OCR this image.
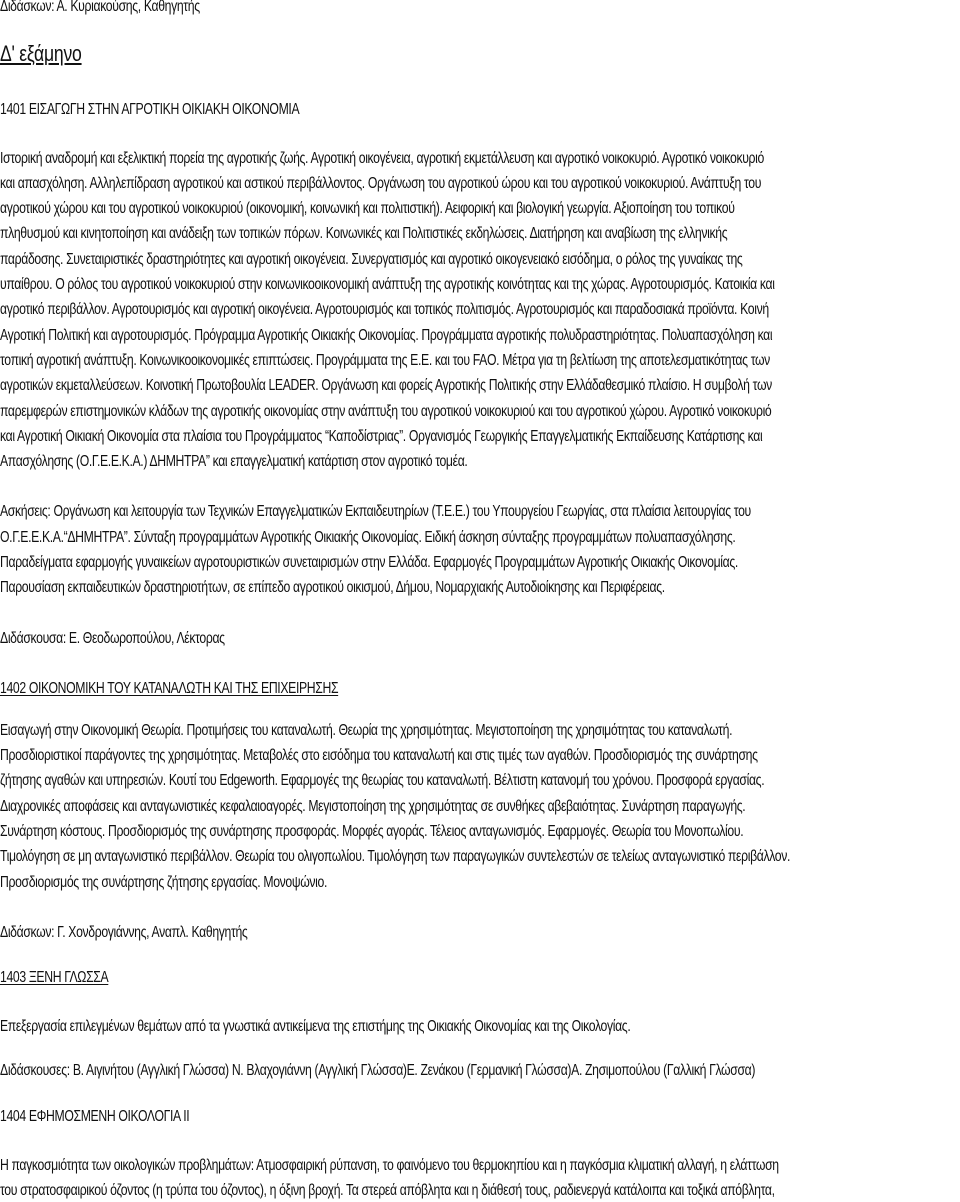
Διδάσκων: Α. Κυριακούσης, Καθηγητής
Δ' εξάμηνο
1401 ΕΙΣΑΓΩΓΗ ΣΤΗΝ ΑΓΡΟΤΙΚΗ ΟΙΚΙΑΚΗ ΟΙΚΟΝΟΜΙΑ
Ιστορική αναδρομή και εξελικτική πορεία της αγροτικής ζωής. Αγροτική οικογένεια, αγροτική εκμετάλλευση και αγροτικό νοικοκυριό. Αγροτικό νοικοκυριό
και απασχόληση. Αλληλεπίδραση αγροτικού και αστικού περιβάλλοντος. Οργάνωση του αγροτικού ώρου και του αγροτικού νοικοκυριού. Ανάπτυξη του
αγροτικού χώρου και του αγροτικού νοικοκυριού (οικονομική, κοινωνική και πολιτιστική). Αειφορική και βιολογική γεωργία. Αξιοποίηση του τοπικού
πληθυσμού και κινητοποίηση και ανάδειξη των τοπικών πόρων. Κοινωνικές και Πολιτιστικές εκδηλώσεις. Διατήρηση και αναβίωση της ελληνικής
παράδοσης. Συνεταιριστικές δραστηριότητες και αγροτική οικογένεια. Συνεργατισμός και αγροτικό οικογενειακό εισόδημα, ο ρόλος της γυναίκας της
υπαίθρου. Ο ρόλος του αγροτικού νοικοκυριού στην κοινωνικοοικονομική ανάπτυξη της αγροτικής κοινότητας και της χώρας. Αγροτουρισμός. Κατοικία και
αγροτικό περιβάλλον. Αγροτουρισμός και αγροτική οικογένεια. Αγροτουρισμός και τοπικός πολιτισμός. Αγροτουρισμός και παραδοσιακά προϊόντα. Κοινή
Αγροτική Πολιτική και αγροτουρισμός. Πρόγραμμα Αγροτικής Οικιακής Οικονομίας. Προγράμματα αγροτικής πολυδραστηριότητας. Πολυαπασχόληση και
τοπική αγροτική ανάπτυξη. Κοινωνικοοικονομικές επιπτώσεις. Προγράμματα της Ε.Ε. και του FAO. Μέτρα για τη βελτίωση της αποτελεσματικότητας των
αγροτικών εκμεταλλεύσεων. Κοινοτική Πρωτοβουλία LEADER. Οργάνωση και φορείς Αγροτικής Πολιτικής στην Ελλάδαθεσμικό πλαίσιο. Η συμβολή των
παρεμφερών επιστημονικών κλάδων της αγροτικής οικονομίας στην ανάπτυξη του αγροτικού νοικοκυριού και του αγροτικού χώρου. Αγροτικό νοικοκυριό
και Αγροτική Οικιακή Οικονομία στα πλαίσια του Προγράμματος “Καποδίστριας”. Οργανισμός Γεωργικής Επαγγελματικής Εκπαίδευσης Κατάρτισης και
Απασχόλησης (Ο.Γ.Ε.Ε.Κ.Α.) ΔΗΜΗΤΡΑ” και επαγγελματική κατάρτιση στον αγροτικό τομέα.
Ασκήσεις: Οργάνωση και λειτουργία των Τεχνικών Επαγγελματικών Εκπαιδευτηρίων (Τ.Ε.Ε.) του Υπουργείου Γεωργίας, στα πλαίσια λειτουργίας του
Ο.Γ.Ε.Ε.Κ.Α.“ΔΗΜΗΤΡΑ”. Σύνταξη προγραμμάτων Αγροτικής Οικιακής Οικονομίας. Ειδική άσκηση σύνταξης προγραμμάτων πολυαπασχόλησης.
Παραδείγματα εφαρμογής γυναικείων αγροτουριστικών συνεταιρισμών στην Ελλάδα. Εφαρμογές Προγραμμάτων Αγροτικής Οικιακής Οικονομίας.
Παρουσίαση εκπαιδευτικών δραστηριοτήτων, σε επίπεδο αγροτικού οικισμού, Δήμου, Νομαρχιακής Αυτοδιοίκησης και Περιφέρειας.
Διδάσκουσα: Ε. Θεοδωροπούλου, Λέκτορας
1402 ΟΙΚΟΝΟΜΙΚΗ ΤΟΥ ΚΑΤΑΝΑΛΩΤΗ ΚΑΙ ΤΗΣ ΕΠΙΧΕΙΡΗΣΗΣ
Εισαγωγή στην Οικονομική Θεωρία. Προτιμήσεις του καταναλωτή. Θεωρία της χρησιμότητας. Μεγιστοποίηση της χρησιμότητας του καταναλωτή.
Προσδιοριστικοί παράγοντες της χρησιμότητας. Μεταβολές στο εισόδημα του καταναλωτή και στις τιμές των αγαθών. Προσδιορισμός της συνάρτησης
ζήτησης αγαθών και υπηρεσιών. Κουτί του Edgeworth. Εφαρμογές της θεωρίας του καταναλωτή. Βέλτιστη κατανομή του χρόνου. Προσφορά εργασίας.
Διαχρονικές αποφάσεις και ανταγωνιστικές κεφαλαιοαγορές. Μεγιστοποίηση της χρησιμότητας σε συνθήκες αβεβαιότητας. Συνάρτηση παραγωγής.
Συνάρτηση κόστους. Προσδιορισμός της συνάρτησης προσφοράς. Μορφές αγοράς. Τέλειος ανταγωνισμός. Εφαρμογές. Θεωρία του Μονοπωλίου.
Τιμολόγηση σε μη ανταγωνιστικό περιβάλλον. Θεωρία του ολιγοπωλίου. Τιμολόγηση των παραγωγικών συντελεστών σε τελείως ανταγωνιστικό περιβάλλον.
Προσδιορισμός της συνάρτησης ζήτησης εργασίας. Μονοψώνιο.
Διδάσκων: Γ. Χονδρογιάννης, Αναπλ. Καθηγητής
1403 ΞΕΝΗ ΓΛΩΣΣΑ
Επεξεργασία επιλεγμένων θεμάτων από τα γνωστικά αντικείμενα της επιστήμης της Οικιακής Οικονομίας και της Οικολογίας.
Διδάσκουσες: Β. Αιγινήτου (Αγγλική Γλώσσα) Ν. Βλαχογιάννη (Αγγλική Γλώσσα)Ε. Ζενάκου (Γερμανική Γλώσσα)Α. Ζησιμοπούλου (Γαλλική Γλώσσα)
1404 ΕΦΗΜΟΣΜΕΝΗ ΟΙΚΟΛΟΓΙΑ ΙΙ
Η παγκοσμιότητα των οικολογικών προβλημάτων: Ατμοσφαιρική ρύπανση, το φαινόμενο του θερμοκηπίου και η παγκόσμια κλιματική αλλαγή, η ελάττωση
του στρατοσφαιρικού όζοντος (η τρύπα του όζοντος), η όξινη βροχή. Τα στερεά απόβλητα και η διάθεσή τους, ραδιενεργά κατάλοιπα και τοξικά απόβλητα,
